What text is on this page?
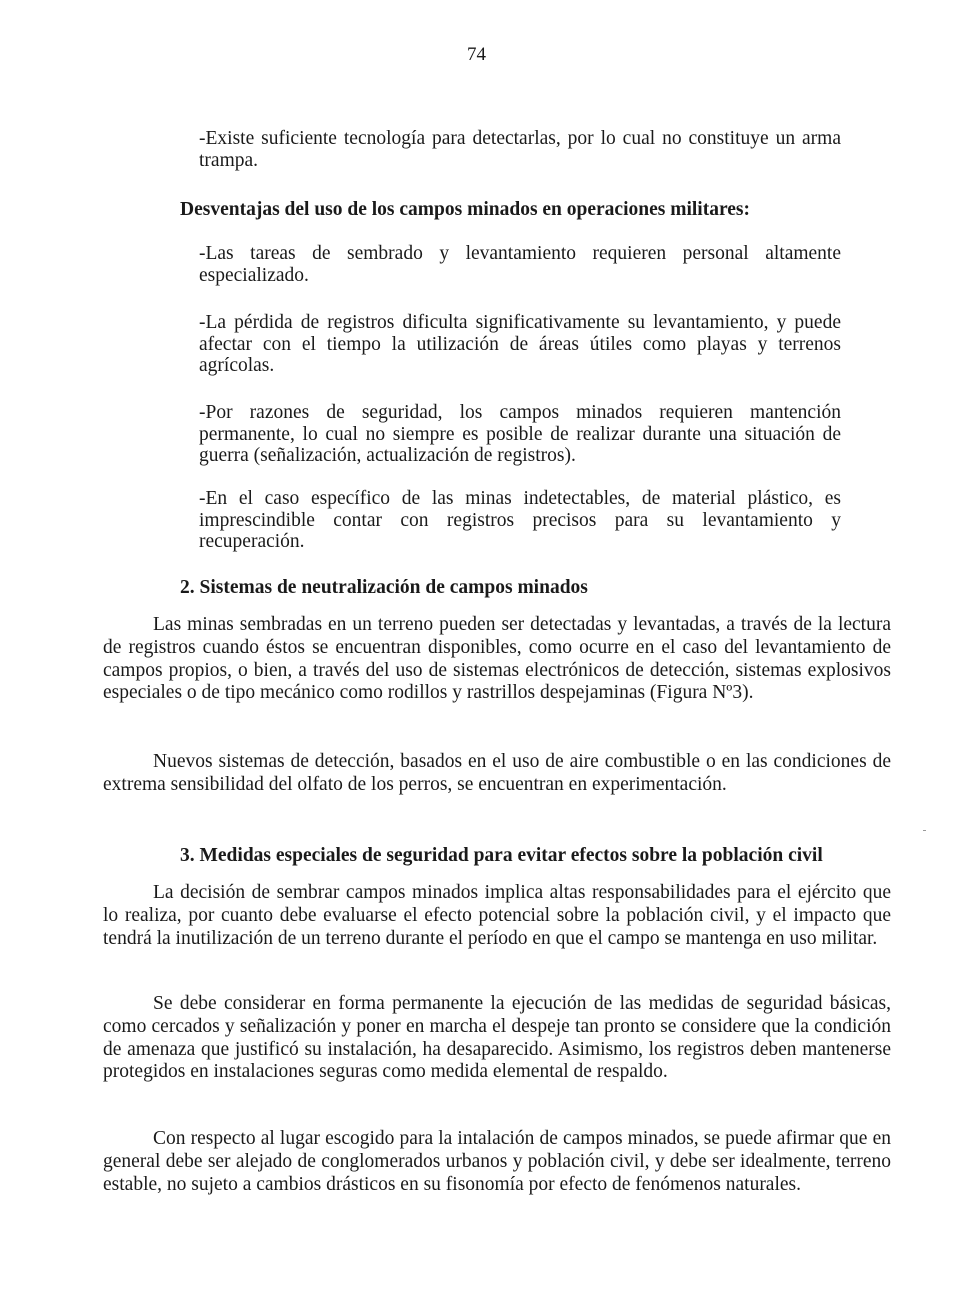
74

-Existe suficiente tecnología para detectarlas, por lo cual no constituye un arma trampa.

Desventajas del uso de los campos minados en operaciones militares:

-Las tareas de sembrado y levantamiento requieren personal altamente especializado.

-La pérdida de registros dificulta significativamente su levantamiento, y puede afectar con el tiempo la utilización de áreas útiles como playas y terrenos agrícolas.

-Por razones de seguridad, los campos minados requieren mantención permanente, lo cual no siempre es posible de realizar durante una situación de guerra (señalización, actualización de registros).

-En el caso específico de las minas indetectables, de material plástico, es imprescindible contar con registros precisos para su levantamiento y recuperación.

2. Sistemas de neutralización de campos minados

Las minas sembradas en un terreno pueden ser detectadas y levantadas, a través de la lectura de registros cuando éstos se encuentran disponibles, como ocurre en el caso del levantamiento de campos propios, o bien, a través del uso de sistemas electrónicos de detección, sistemas explosivos especiales o de tipo mecánico como rodillos y rastrillos despejaminas (Figura Nº3).

Nuevos sistemas de detección, basados en el uso de aire combustible o en las condiciones de extrema sensibilidad del olfato de los perros, se encuentran en experimentación.

3. Medidas especiales de seguridad para evitar efectos sobre la población civil

La decisión de sembrar campos minados implica altas responsabilidades para el ejército que lo realiza, por cuanto debe evaluarse el efecto potencial sobre la población civil, y el impacto que tendrá la inutilización de un terreno durante el período en que el campo se mantenga en uso militar.

Se debe considerar en forma permanente la ejecución de las medidas de seguridad básicas, como cercados y señalización y poner en marcha el despeje tan pronto se considere que la condición de amenaza que justificó su instalación, ha desaparecido. Asimismo, los registros deben mantenerse protegidos en instalaciones seguras como medida elemental de respaldo.

Con respecto al lugar escogido para la intalación de campos minados, se puede afirmar que en general debe ser alejado de conglomerados urbanos y población civil, y debe ser idealmente, terreno estable, no sujeto a cambios drásticos en su fisonomía por efecto de fenómenos naturales.
